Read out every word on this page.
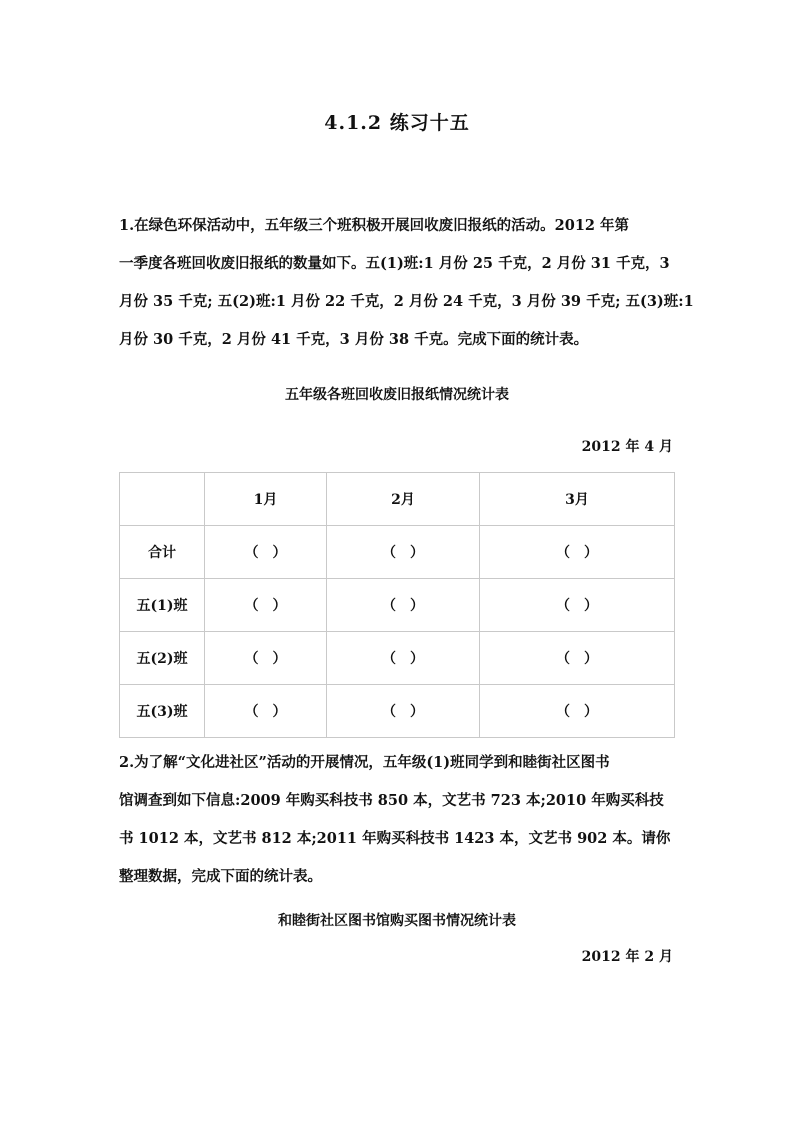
4.1.2 练习十五

1.在绿色环保活动中，五年级三个班积极开展回收废旧报纸的活动。2012 年第
一季度各班回收废旧报纸的数量如下。五(1)班:1 月份 25 千克，2 月份 31 千克，3
月份 35 千克; 五(2)班:1 月份 22 千克，2 月份 24 千克，3 月份 39 千克; 五(3)班:1
月份 30 千克，2 月份 41 千克，3 月份 38 千克。完成下面的统计表。

五年级各班回收废旧报纸情况统计表
2012 年 4 月
	1月	2月	3月
合计	（　）	（　）	（　）
五(1)班	（　）	（　）	（　）
五(2)班	（　）	（　）	（　）
五(3)班	（　）	（　）	（　）

2.为了解“文化进社区”活动的开展情况，五年级(1)班同学到和睦街社区图书
馆调查到如下信息:2009 年购买科技书 850 本，文艺书 723 本;2010 年购买科技
书 1012 本，文艺书 812 本;2011 年购买科技书 1423 本，文艺书 902 本。请你
整理数据，完成下面的统计表。

和睦街社区图书馆购买图书情况统计表
2012 年 2 月
